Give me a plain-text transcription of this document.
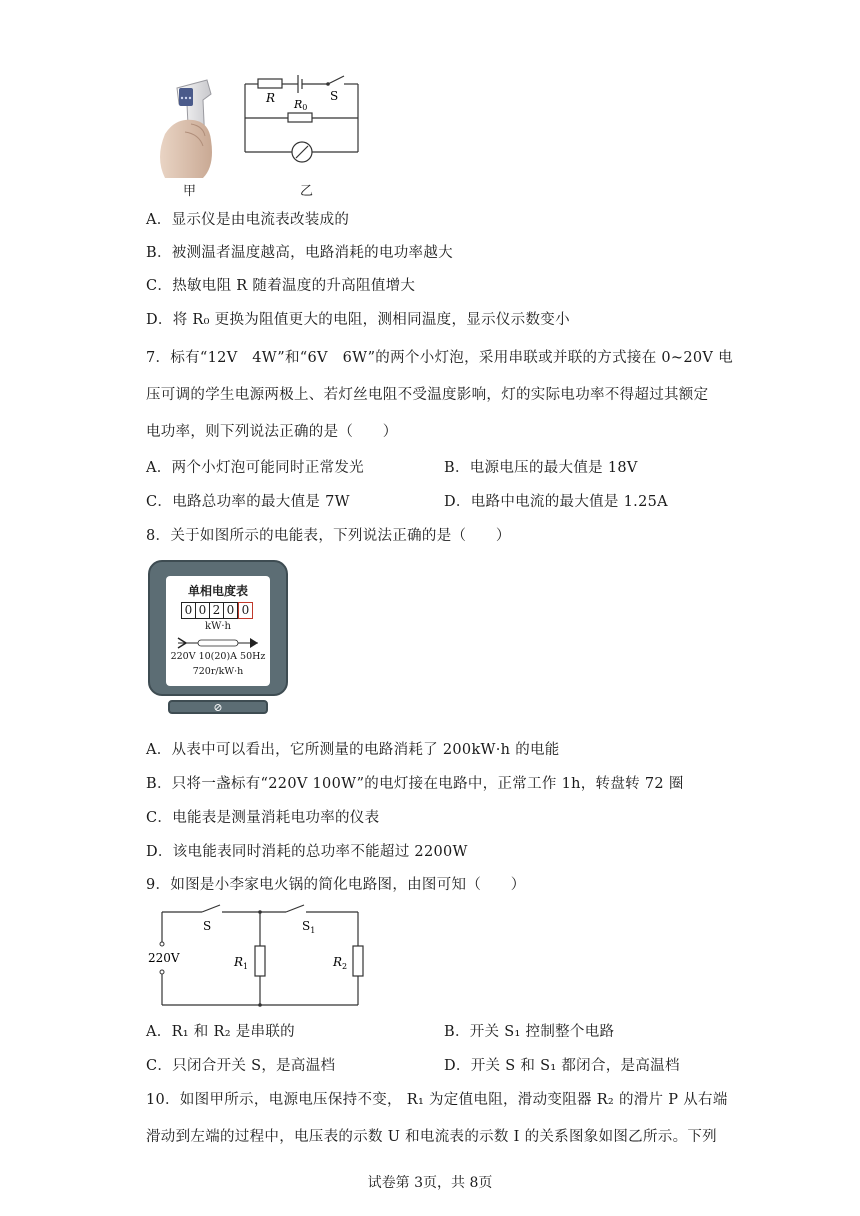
甲
R	S
R0
乙
A．显示仪是由电流表改装成的
B．被测温者温度越高，电路消耗的电功率越大
C．热敏电阻 R 随着温度的升高阻值增大
D．将 R₀ 更换为阻值更大的电阻，测相同温度，显示仪示数变小
7．标有“12V　4W”和“6V　6W”的两个小灯泡，采用串联或并联的方式接在 0~20V 电
压可调的学生电源两极上、若灯丝电阻不受温度影响，灯的实际电功率不得超过其额定
电功率，则下列说法正确的是（　　）
A．两个小灯泡可能同时正常发光	B．电源电压的最大值是 18V
C．电路总功率的最大值是 7W	D．电路中电流的最大值是 1.25A
8．关于如图所示的电能表，下列说法正确的是（　　）
单相电度表
0 0 2 0 0
kW·h
220V 10(20)A 50Hz
720r/kW·h
⊘
A．从表中可以看出，它所测量的电路消耗了 200kW·h 的电能
B．只将一盏标有“220V 100W”的电灯接在电路中，正常工作 1h，转盘转 72 圈
C．电能表是测量消耗电功率的仪表
D．该电能表同时消耗的总功率不能超过 2200W
9．如图是小李家电火锅的简化电路图，由图可知（　　）
220V
S	$S_1$
$R_1$	$R_2$
A．R₁ 和 R₂ 是串联的	B．开关 S₁ 控制整个电路
C．只闭合开关 S，是高温档	D．开关 S 和 S₁ 都闭合，是高温档
10．如图甲所示，电源电压保持不变， R₁ 为定值电阻，滑动变阻器 R₂ 的滑片 P 从右端
滑动到左端的过程中，电压表的示数 U 和电流表的示数 I 的关系图象如图乙所示。下列
试卷第 3页，共 8页
